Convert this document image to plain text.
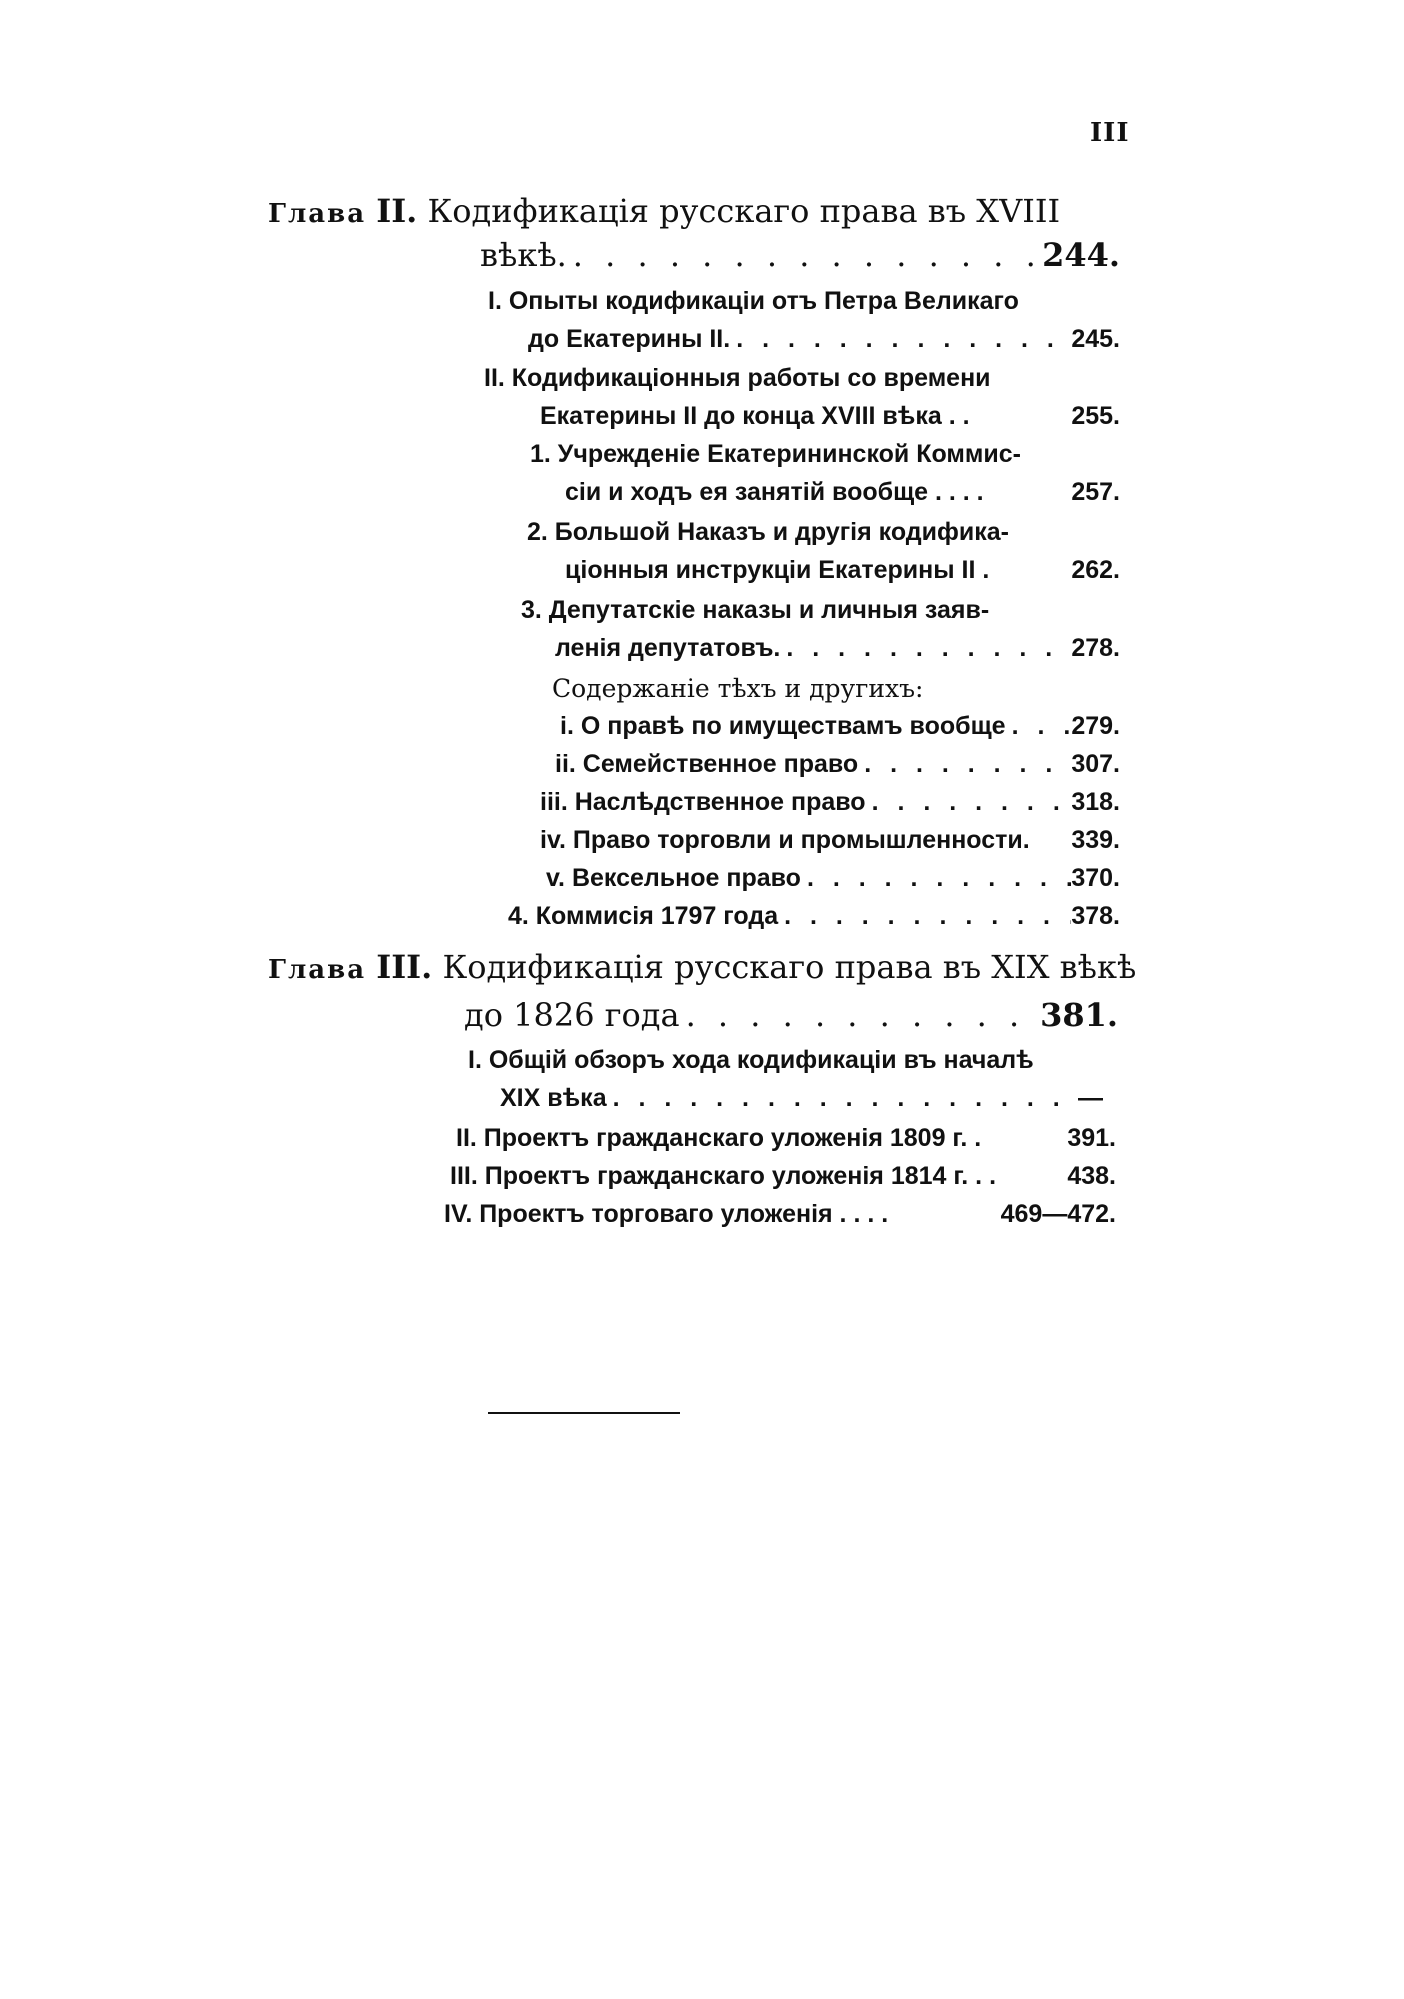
III
Глава II. Кодификація русскаго права въ XVIII
вѣкѣ. . . .	244.
I. Опыты кодификаціи отъ Петра Великаго
до Екатерины II. . . .	245.
II. Кодификаціонныя работы со времени
Екатерины II до конца XVIII вѣка . .	255.
1. Учрежденіе Екатерининской Коммис-
сіи и ходъ ея занятій вообще . . . .	257.
2. Большой Наказъ и другія кодифика-
ціонныя инструкціи Екатерины II .	262.
3. Депутатскіе наказы и личныя заяв-
ленія депутатовъ. . . .	278.
Содержаніе тѣхъ и другихъ:
i. О правѣ по имуществамъ вообще . . .	279.
ii. Семейственное право . . .	307.
iii. Наслѣдственное право . . .	318.
iv. Право торговли и промышленности. 339.
v. Вексельное право . . .	370.
4. Коммисія 1797 года . . .	378.
Глава III. Кодификація русскаго права въ XIX вѣкѣ
до 1826 года . . .	381.
I. Общій обзоръ хода кодификаціи въ началѣ
XIX вѣка . . .	—
II. Проектъ гражданскаго уложенія 1809 г. .	391.
III. Проектъ гражданскаго уложенія 1814 г. . .	438.
IV. Проектъ торговаго уложенія . . . .	469—472.
